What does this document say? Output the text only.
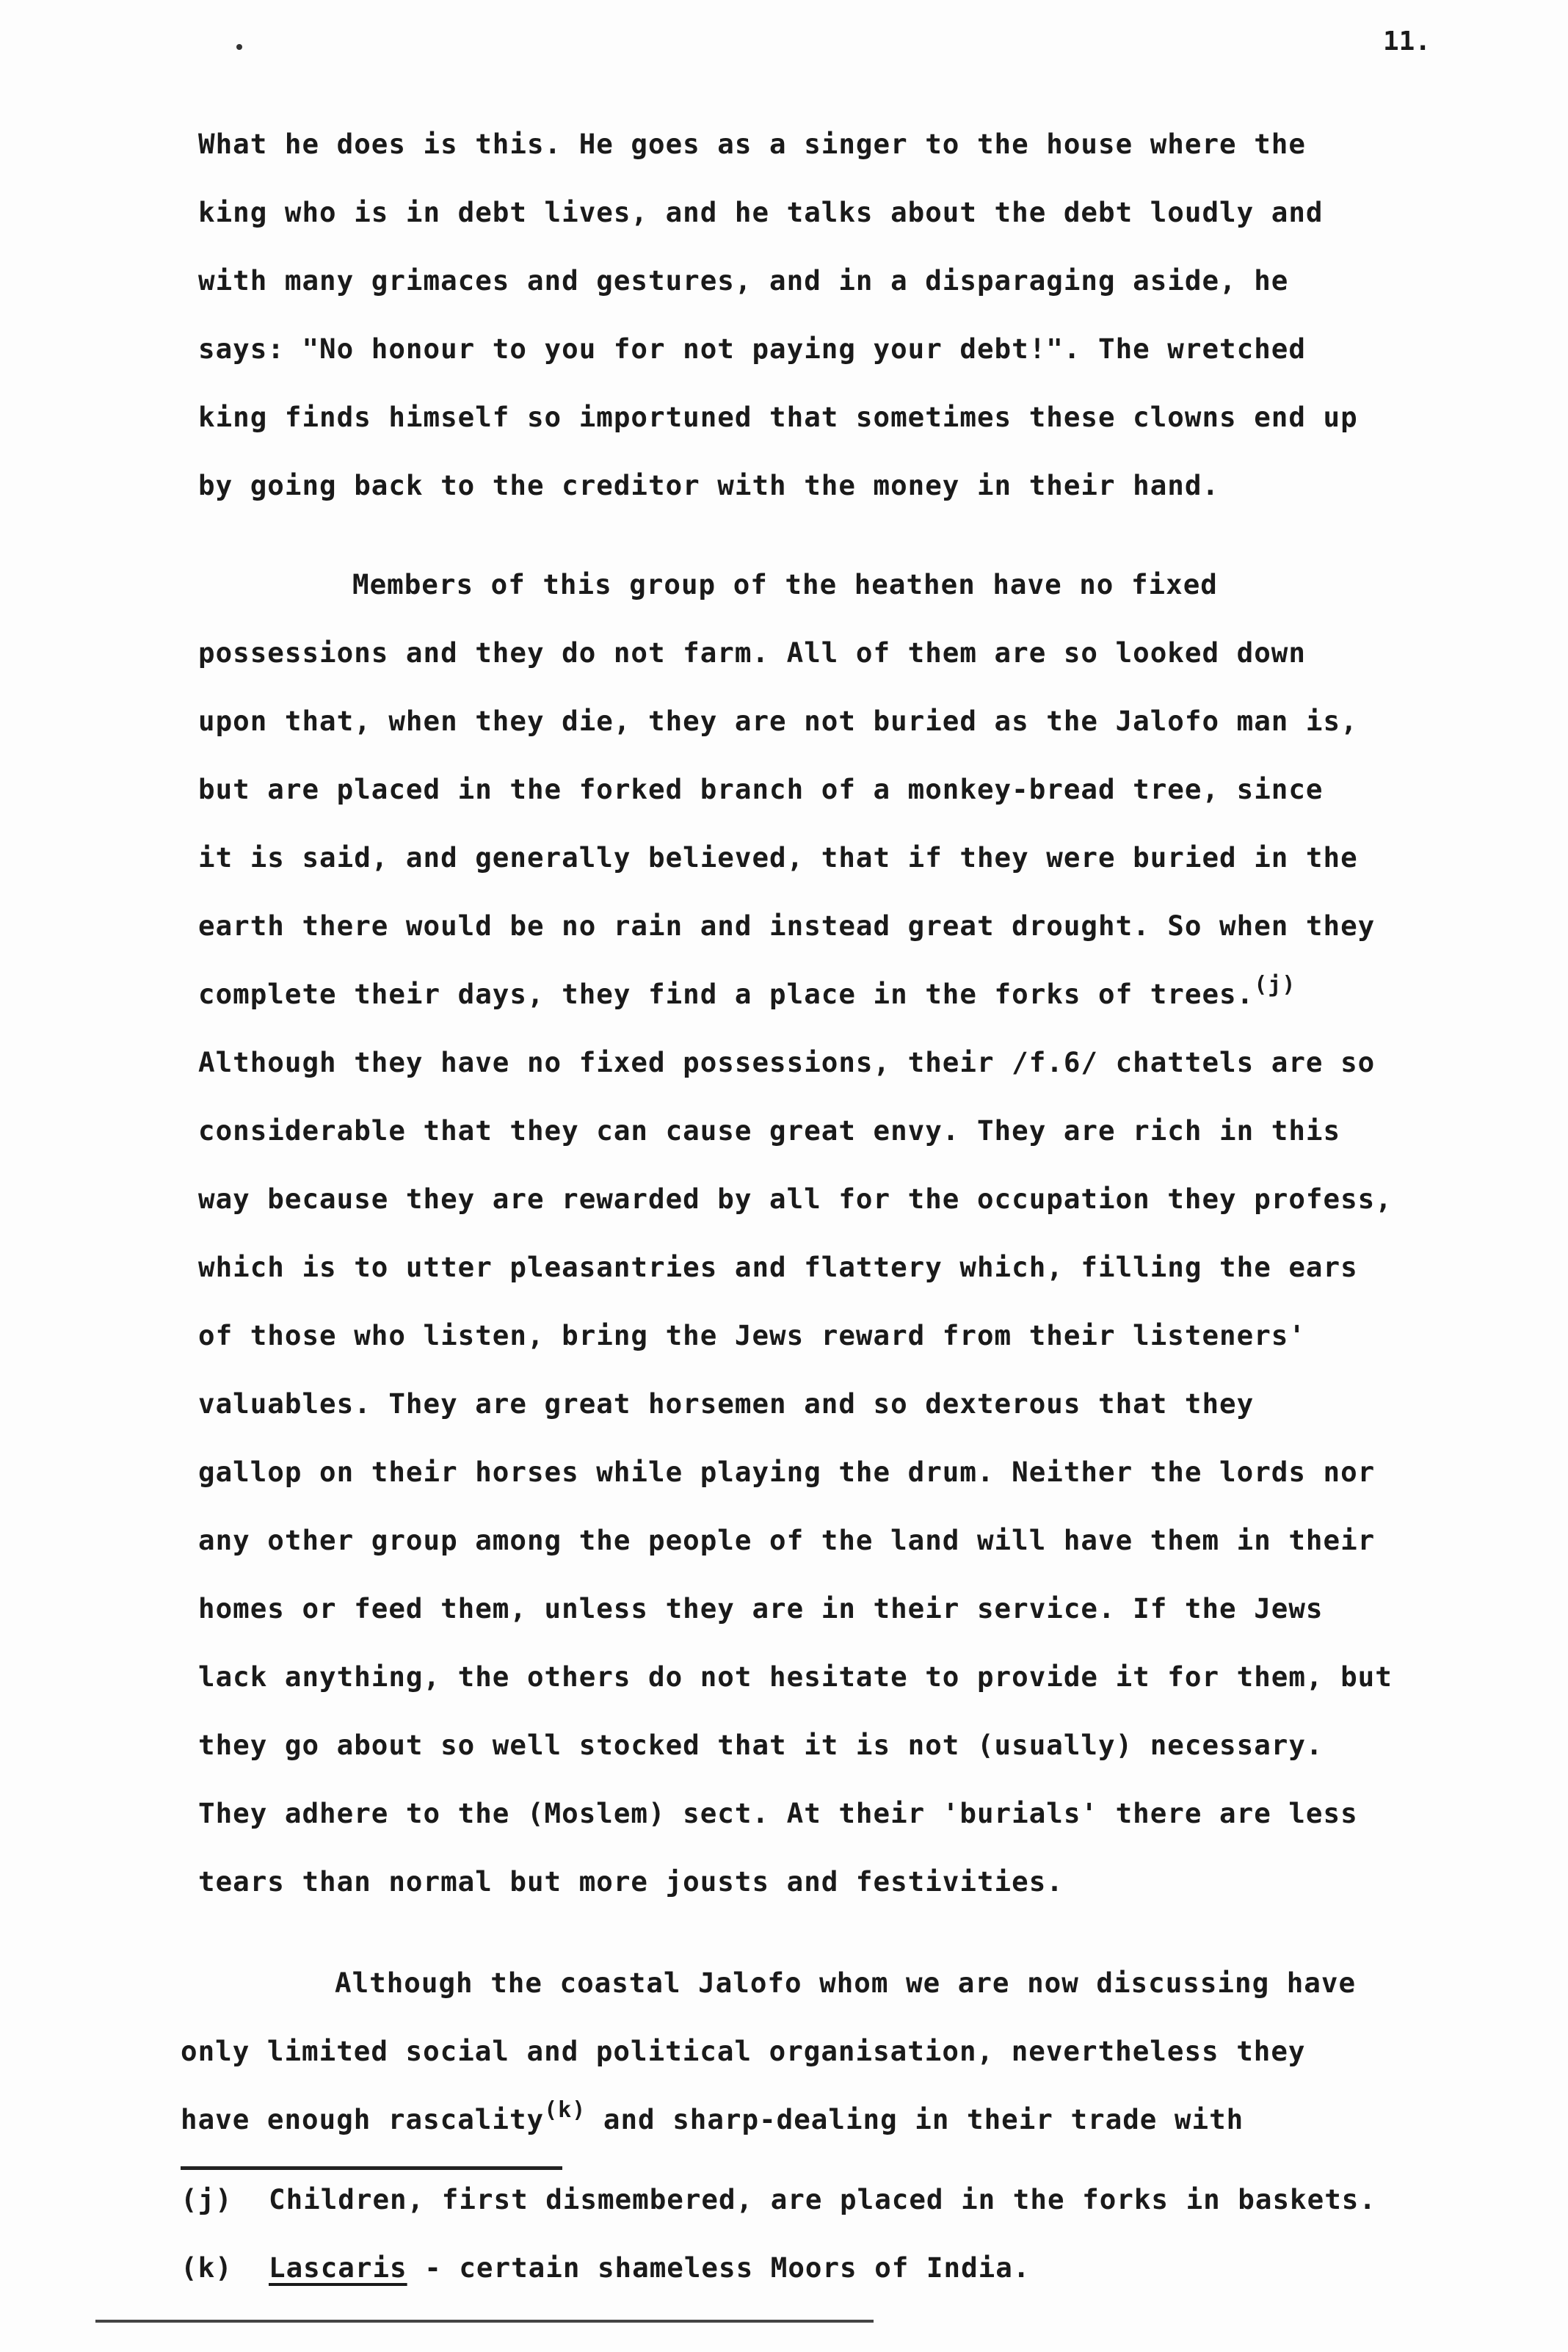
11.
What he does is this. He goes as a singer to the house where the
king who is in debt lives, and he talks about the debt loudly and
with many grimaces and gestures, and in a disparaging aside, he
says: "No honour to you for not paying your debt!". The wretched
king finds himself so importuned that sometimes these clowns end up
by going back to the creditor with the money in their hand.
Members of this group of the heathen have no fixed
possessions and they do not farm. All of them are so looked down
upon that, when they die, they are not buried as the Jalofo man is,
but are placed in the forked branch of a monkey-bread tree, since
it is said, and generally believed, that if they were buried in the
earth there would be no rain and instead great drought. So when they
complete their days, they find a place in the forks of trees.$^{(j)}$
Although they have no fixed possessions, their /f.6/ chattels are so
considerable that they can cause great envy. They are rich in this
way because they are rewarded by all for the occupation they profess,
which is to utter pleasantries and flattery which, filling the ears
of those who listen, bring the Jews reward from their listeners'
valuables. They are great horsemen and so dexterous that they
gallop on their horses while playing the drum. Neither the lords nor
any other group among the people of the land will have them in their
homes or feed them, unless they are in their service. If the Jews
lack anything, the others do not hesitate to provide it for them, but
they go about so well stocked that it is not (usually) necessary.
They adhere to the (Moslem) sect. At their 'burials' there are less
tears than normal but more jousts and festivities.
Although the coastal Jalofo whom we are now discussing have
only limited social and political organisation, nevertheless they
have enough rascality$^{(k)}$ and sharp-dealing in their trade with
(j) Children, first dismembered, are placed in the forks in baskets.
(k) Lascaris - certain shameless Moors of India.
